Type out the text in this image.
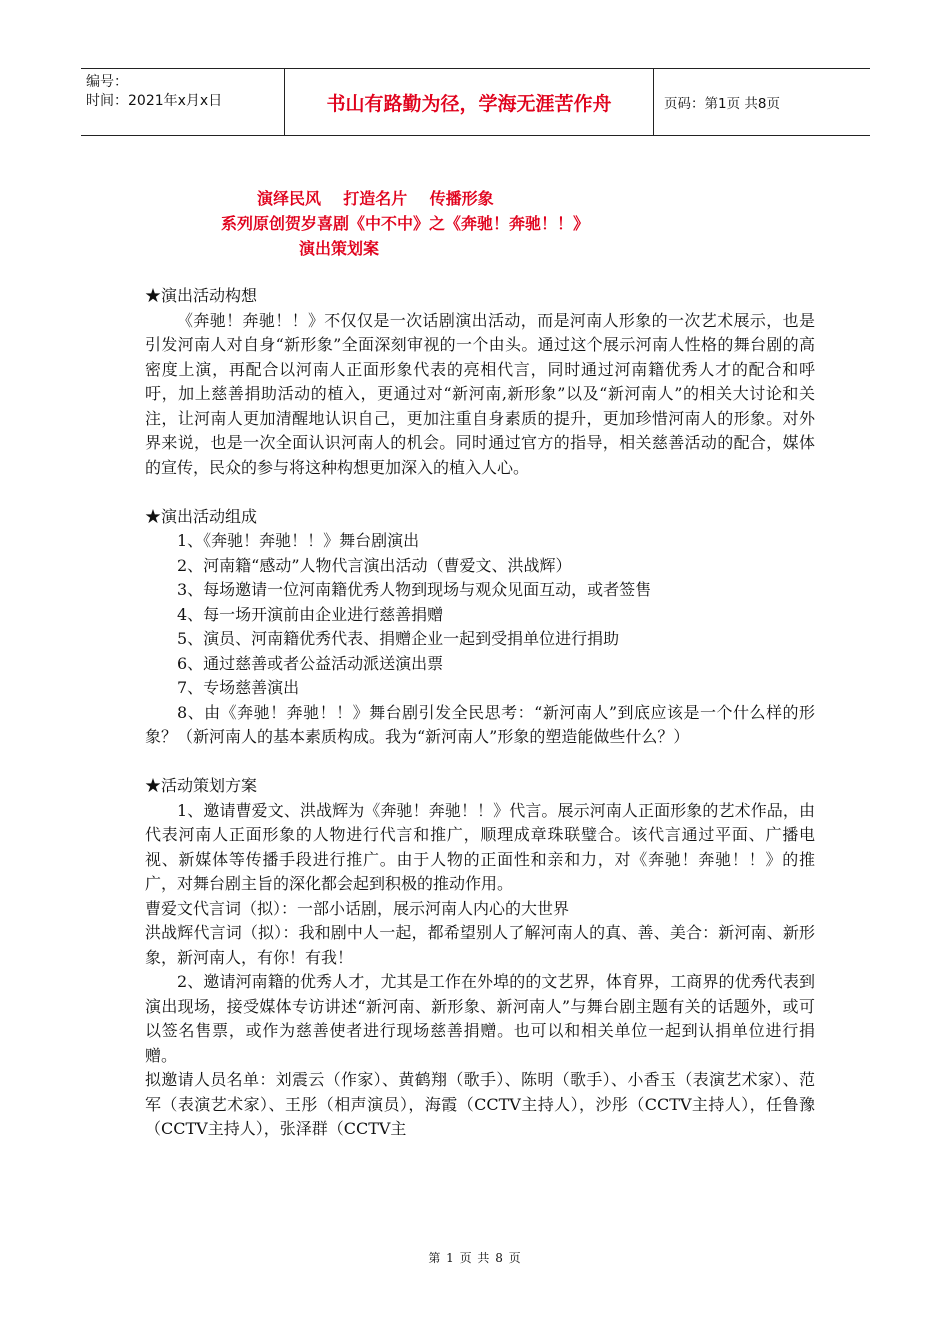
编号：
时间：2021年x月x日	书山有路勤为径，学海无涯苦作舟	页码：第1页 共8页
演绎民风    打造名片    传播形象
系列原创贺岁喜剧《中不中》之《奔驰！奔驰！！》
演出策划案

★演出活动构想

《奔驰！奔驰！！》不仅仅是一次话剧演出活动，而是河南人形象的一次艺术展示，也是引发河南人对自身“新形象”全面深刻审视的一个由头。通过这个展示河南人性格的舞台剧的高密度上演，再配合以河南人正面形象代表的亮相代言，同时通过河南籍优秀人才的配合和呼吁，加上慈善捐助活动的植入，更通过对“新河南,新形象”以及“新河南人”的相关大讨论和关注，让河南人更加清醒地认识自己，更加注重自身素质的提升，更加珍惜河南人的形象。对外界来说，也是一次全面认识河南人的机会。同时通过官方的指导，相关慈善活动的配合，媒体的宣传，民众的参与将这种构想更加深入的植入人心。

★演出活动组成

1、《奔驰！奔驰！！》舞台剧演出

2、河南籍“感动”人物代言演出活动（曹爱文、洪战辉）

3、每场邀请一位河南籍优秀人物到现场与观众见面互动，或者签售

4、每一场开演前由企业进行慈善捐赠

5、演员、河南籍优秀代表、捐赠企业一起到受捐单位进行捐助

6、通过慈善或者公益活动派送演出票

7、专场慈善演出

8、由《奔驰！奔驰！！》舞台剧引发全民思考：“新河南人”到底应该是一个什么样的形象？（新河南人的基本素质构成。我为“新河南人”形象的塑造能做些什么？）

★活动策划方案

1、邀请曹爱文、洪战辉为《奔驰！奔驰！！》代言。展示河南人正面形象的艺术作品，由代表河南人正面形象的人物进行代言和推广，顺理成章珠联璧合。该代言通过平面、广播电视、新媒体等传播手段进行推广。由于人物的正面性和亲和力，对《奔驰！奔驰！！》的推广，对舞台剧主旨的深化都会起到积极的推动作用。

曹爱文代言词（拟）：一部小话剧，展示河南人内心的大世界

洪战辉代言词（拟）：我和剧中人一起，都希望别人了解河南人的真、善、美合：新河南、新形象，新河南人，有你！有我！

2、邀请河南籍的优秀人才，尤其是工作在外埠的的文艺界，体育界，工商界的优秀代表到演出现场，接受媒体专访讲述“新河南、新形象、新河南人”与舞台剧主题有关的话题外，或可以签名售票，或作为慈善使者进行现场慈善捐赠。也可以和相关单位一起到认捐单位进行捐赠。

拟邀请人员名单：刘震云（作家）、黄鹤翔（歌手）、陈明（歌手）、小香玉（表演艺术家）、范军（表演艺术家）、王彤（相声演员），海霞（CCTV主持人），沙彤（CCTV主持人），任鲁豫（CCTV主持人），张泽群（CCTV主

第 1 页 共 8 页
